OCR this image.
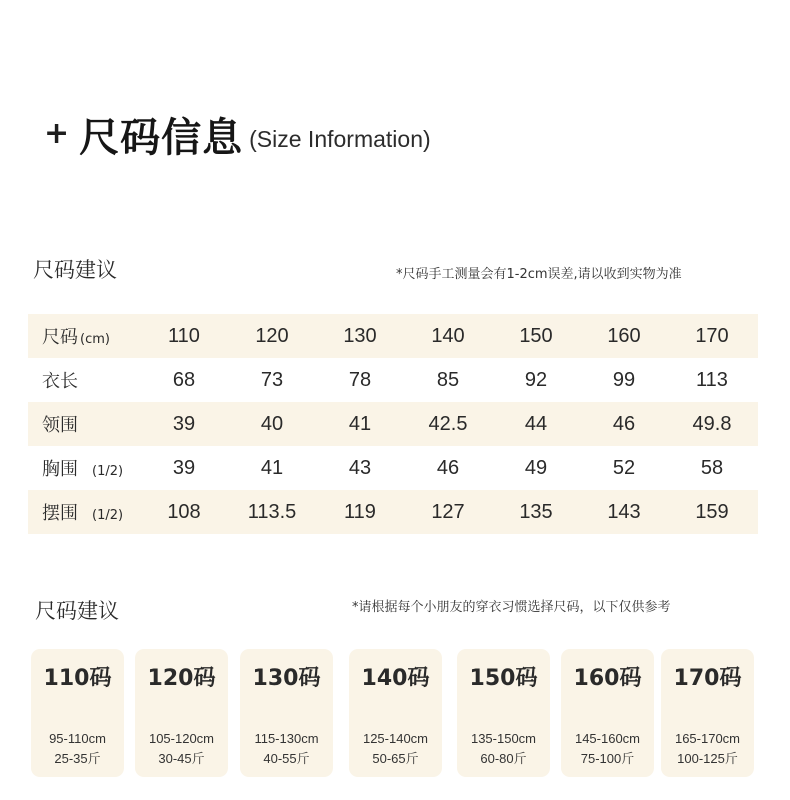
+ 尺码信息 (Size Information)
尺码建议	*尺码手工测量会有1-2cm误差,请以收到实物为准
尺码 (cm)	110	120	130	140	150	160	170
衣长	68	73	78	85	92	99	113
领围	39	40	41	42.5	44	46	49.8
胸围 (1/2)	39	41	43	46	49	52	58
摆围 (1/2)	108	113.5	119	127	135	143	159
尺码建议	*请根据每个小朋友的穿衣习惯选择尺码，以下仅供参考
110码
95-110cm
25-35斤
120码
105-120cm
30-45斤
130码
115-130cm
40-55斤
140码
125-140cm
50-65斤
150码
135-150cm
60-80斤
160码
145-160cm
75-100斤
170码
165-170cm
100-125斤
